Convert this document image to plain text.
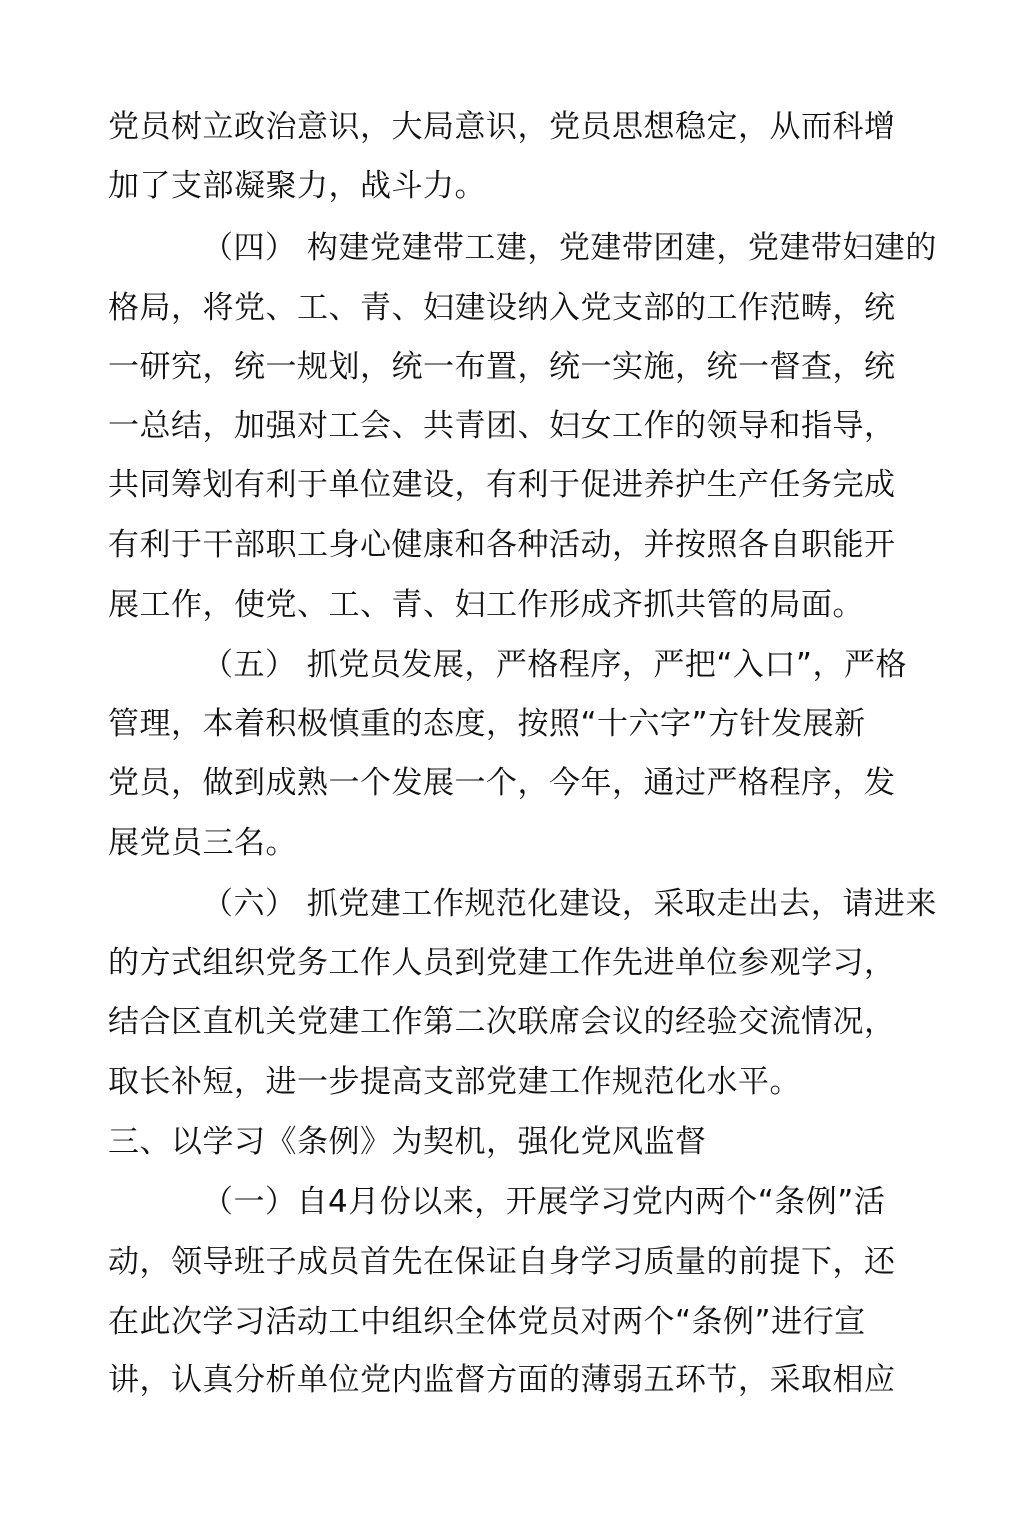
党员树立政治意识，大局意识，党员思想稳定，从而科增

加了支部凝聚力，战斗力。

（四） 构建党建带工建，党建带团建，党建带妇建的

格局，将党、工、青、妇建设纳入党支部的工作范畴，统

一研究，统一规划，统一布置，统一实施，统一督查，统

一总结，加强对工会、共青团、妇女工作的领导和指导，

共同筹划有利于单位建设，有利于促进养护生产任务完成

有利于干部职工身心健康和各种活动，并按照各自职能开

展工作，使党、工、青、妇工作形成齐抓共管的局面。

（五） 抓党员发展，严格程序，严把“入口”，严格

管理，本着积极慎重的态度，按照“十六字”方针发展新

党员，做到成熟一个发展一个，今年，通过严格程序，发

展党员三名。

（六） 抓党建工作规范化建设，采取走出去，请进来

的方式组织党务工作人员到党建工作先进单位参观学习，

结合区直机关党建工作第二次联席会议的经验交流情况，

取长补短，进一步提高支部党建工作规范化水平。

三、以学习《条例》为契机，强化党风监督

（一）自4月份以来，开展学习党内两个“条例”活

动，领导班子成员首先在保证自身学习质量的前提下，还

在此次学习活动工中组织全体党员对两个“条例”进行宣

讲，认真分析单位党内监督方面的薄弱五环节，采取相应
